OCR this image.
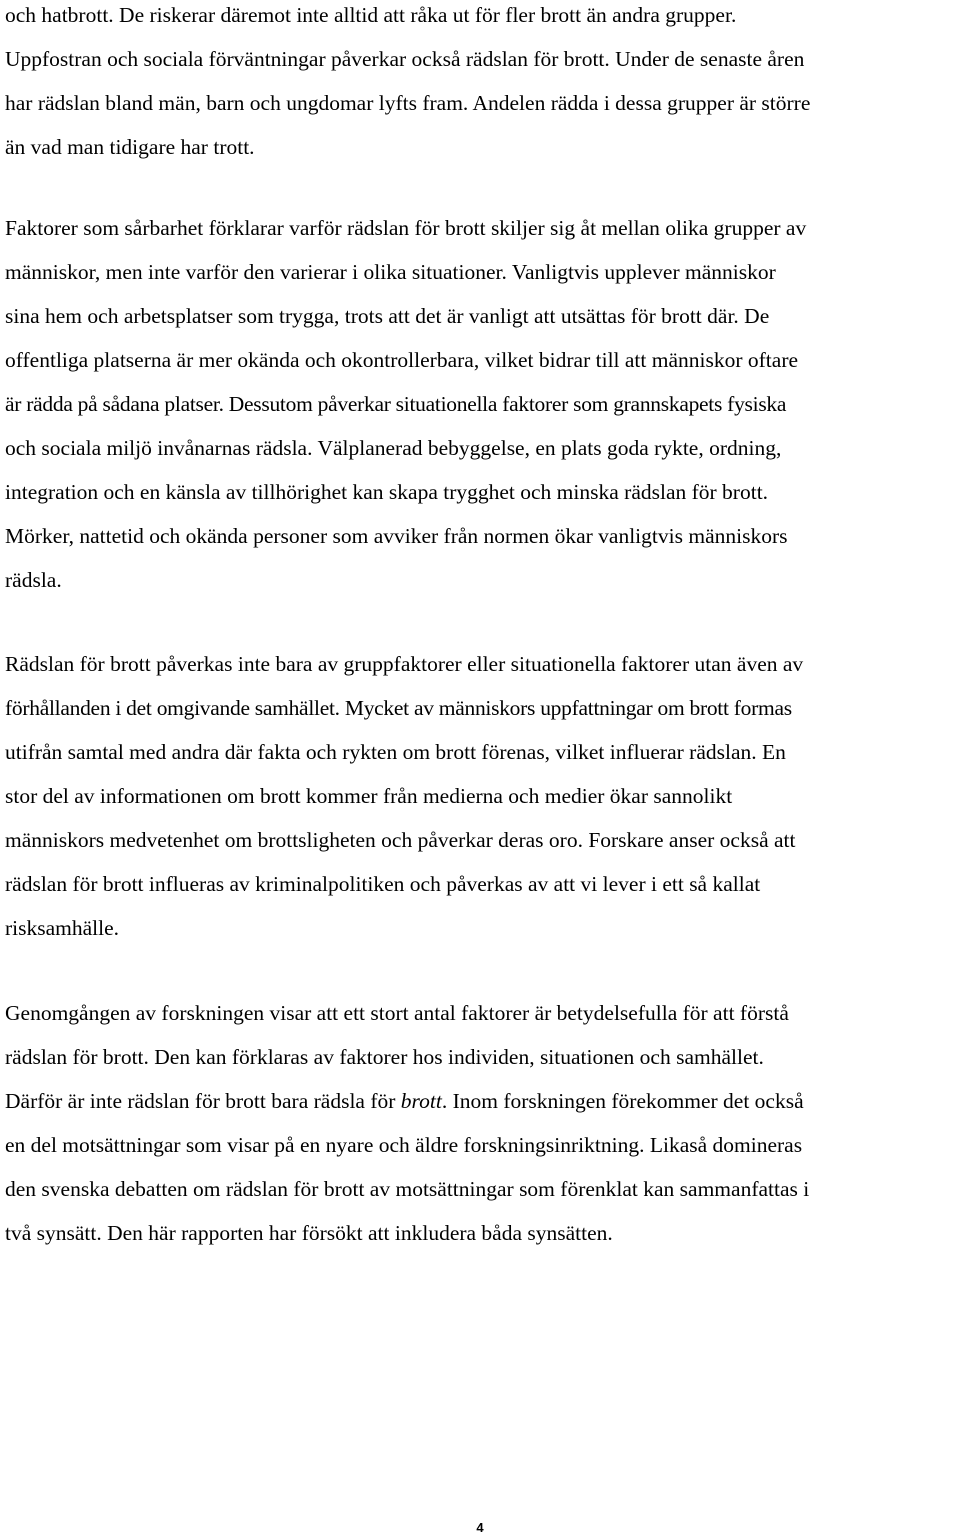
och hatbrott. De riskerar däremot inte alltid att råka ut för fler brott än andra grupper.
Uppfostran och sociala förväntningar påverkar också rädslan för brott. Under de senaste åren
har rädslan bland män, barn och ungdomar lyfts fram. Andelen rädda i dessa grupper är större
än vad man tidigare har trott.

Faktorer som sårbarhet förklarar varför rädslan för brott skiljer sig åt mellan olika grupper av
människor, men inte varför den varierar i olika situationer. Vanligtvis upplever människor
sina hem och arbetsplatser som trygga, trots att det är vanligt att utsättas för brott där. De
offentliga platserna är mer okända och okontrollerbara, vilket bidrar till att människor oftare
är rädda på sådana platser. Dessutom påverkar situationella faktorer som grannskapets fysiska
och sociala miljö invånarnas rädsla. Välplanerad bebyggelse, en plats goda rykte, ordning,
integration och en känsla av tillhörighet kan skapa trygghet och minska rädslan för brott.
Mörker, nattetid och okända personer som avviker från normen ökar vanligtvis människors
rädsla.

Rädslan för brott påverkas inte bara av gruppfaktorer eller situationella faktorer utan även av
förhållanden i det omgivande samhället. Mycket av människors uppfattningar om brott formas
utifrån samtal med andra där fakta och rykten om brott förenas, vilket influerar rädslan. En
stor del av informationen om brott kommer från medierna och medier ökar sannolikt
människors medvetenhet om brottsligheten och påverkar deras oro. Forskare anser också att
rädslan för brott influeras av kriminalpolitiken och påverkas av att vi lever i ett så kallat
risksamhälle.

Genomgången av forskningen visar att ett stort antal faktorer är betydelsefulla för att förstå
rädslan för brott. Den kan förklaras av faktorer hos individen, situationen och samhället.
Därför är inte rädslan för brott bara rädsla för brott. Inom forskningen förekommer det också
en del motsättningar som visar på en nyare och äldre forskningsinriktning. Likaså domineras
den svenska debatten om rädslan för brott av motsättningar som förenklat kan sammanfattas i
två synsätt. Den här rapporten har försökt att inkludera båda synsätten.

4
